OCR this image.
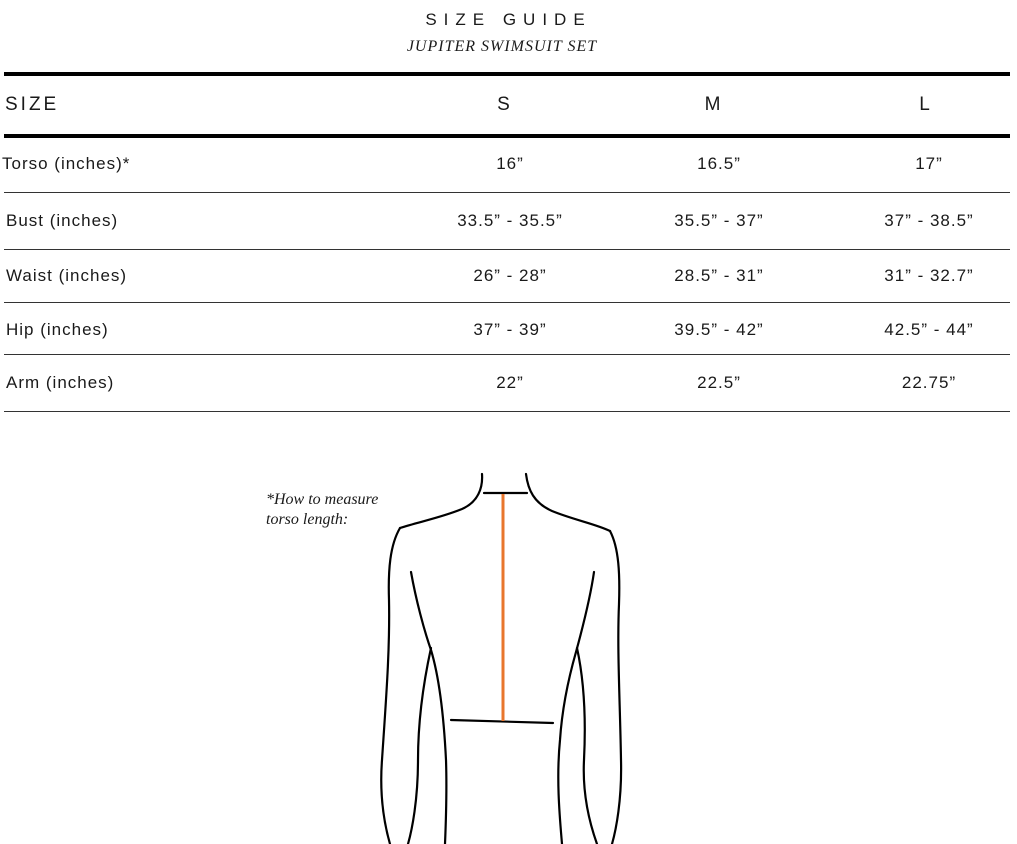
SIZE GUIDE
JUPITER SWIMSUIT SET
SIZE	S	M	L
Torso (inches)*	16”	16.5”	17”
Bust (inches)	33.5” - 35.5”	35.5” - 37”	37” - 38.5”
Waist (inches)	26” - 28”	28.5” - 31”	31” - 32.7”
Hip (inches)	37” - 39”	39.5” - 42”	42.5” - 44”
Arm (inches)	22”	22.5”	22.75”
*How to measure
torso length:
